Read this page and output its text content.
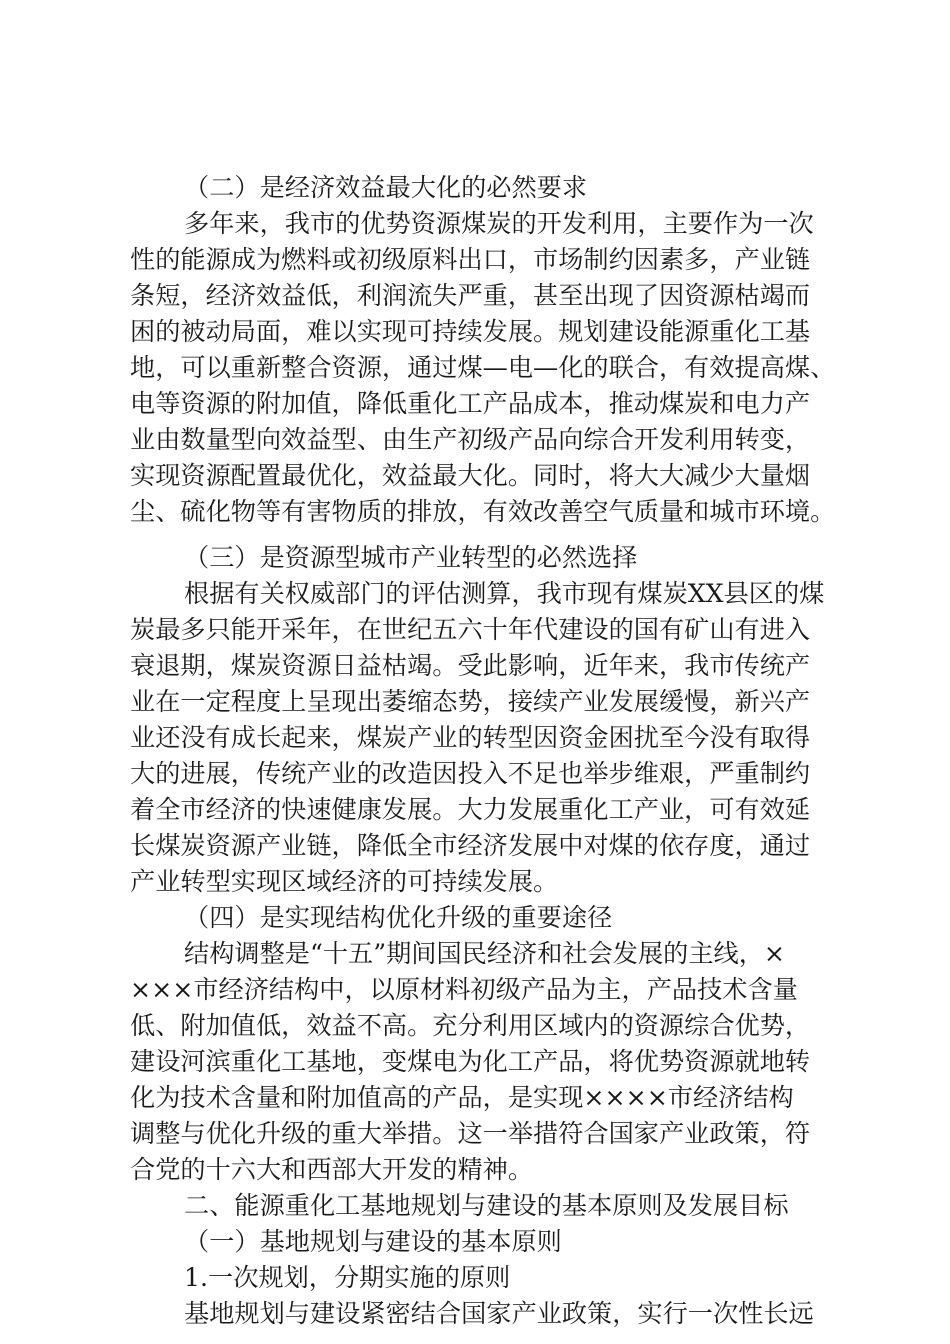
（二）是经济效益最大化的必然要求
多年来，我市的优势资源煤炭的开发利用，主要作为一次
性的能源成为燃料或初级原料出口，市场制约因素多，产业链
条短，经济效益低，利润流失严重，甚至出现了因资源枯竭而
困的被动局面，难以实现可持续发展。规划建设能源重化工基
地，可以重新整合资源，通过煤—电—化的联合，有效提高煤、
电等资源的附加值，降低重化工产品成本，推动煤炭和电力产
业由数量型向效益型、由生产初级产品向综合开发利用转变，
实现资源配置最优化，效益最大化。同时，将大大减少大量烟
尘、硫化物等有害物质的排放，有效改善空气质量和城市环境。
（三）是资源型城市产业转型的必然选择
根据有关权威部门的评估测算，我市现有煤炭XX县区的煤
炭最多只能开采年，在世纪五六十年代建设的国有矿山有进入
衰退期，煤炭资源日益枯竭。受此影响，近年来，我市传统产
业在一定程度上呈现出萎缩态势，接续产业发展缓慢，新兴产
业还没有成长起来，煤炭产业的转型因资金困扰至今没有取得
大的进展，传统产业的改造因投入不足也举步维艰，严重制约
着全市经济的快速健康发展。大力发展重化工产业，可有效延
长煤炭资源产业链，降低全市经济发展中对煤的依存度，通过
产业转型实现区域经济的可持续发展。
（四）是实现结构优化升级的重要途径
结构调整是“十五”期间国民经济和社会发展的主线，×
×××市经济结构中，以原材料初级产品为主，产品技术含量
低、附加值低，效益不高。充分利用区域内的资源综合优势，
建设河滨重化工基地，变煤电为化工产品，将优势资源就地转
化为技术含量和附加值高的产品，是实现××××市经济结构
调整与优化升级的重大举措。这一举措符合国家产业政策，符
合党的十六大和西部大开发的精神。
二、能源重化工基地规划与建设的基本原则及发展目标
（一）基地规划与建设的基本原则
1.一次规划，分期实施的原则
基地规划与建设紧密结合国家产业政策，实行一次性长远
